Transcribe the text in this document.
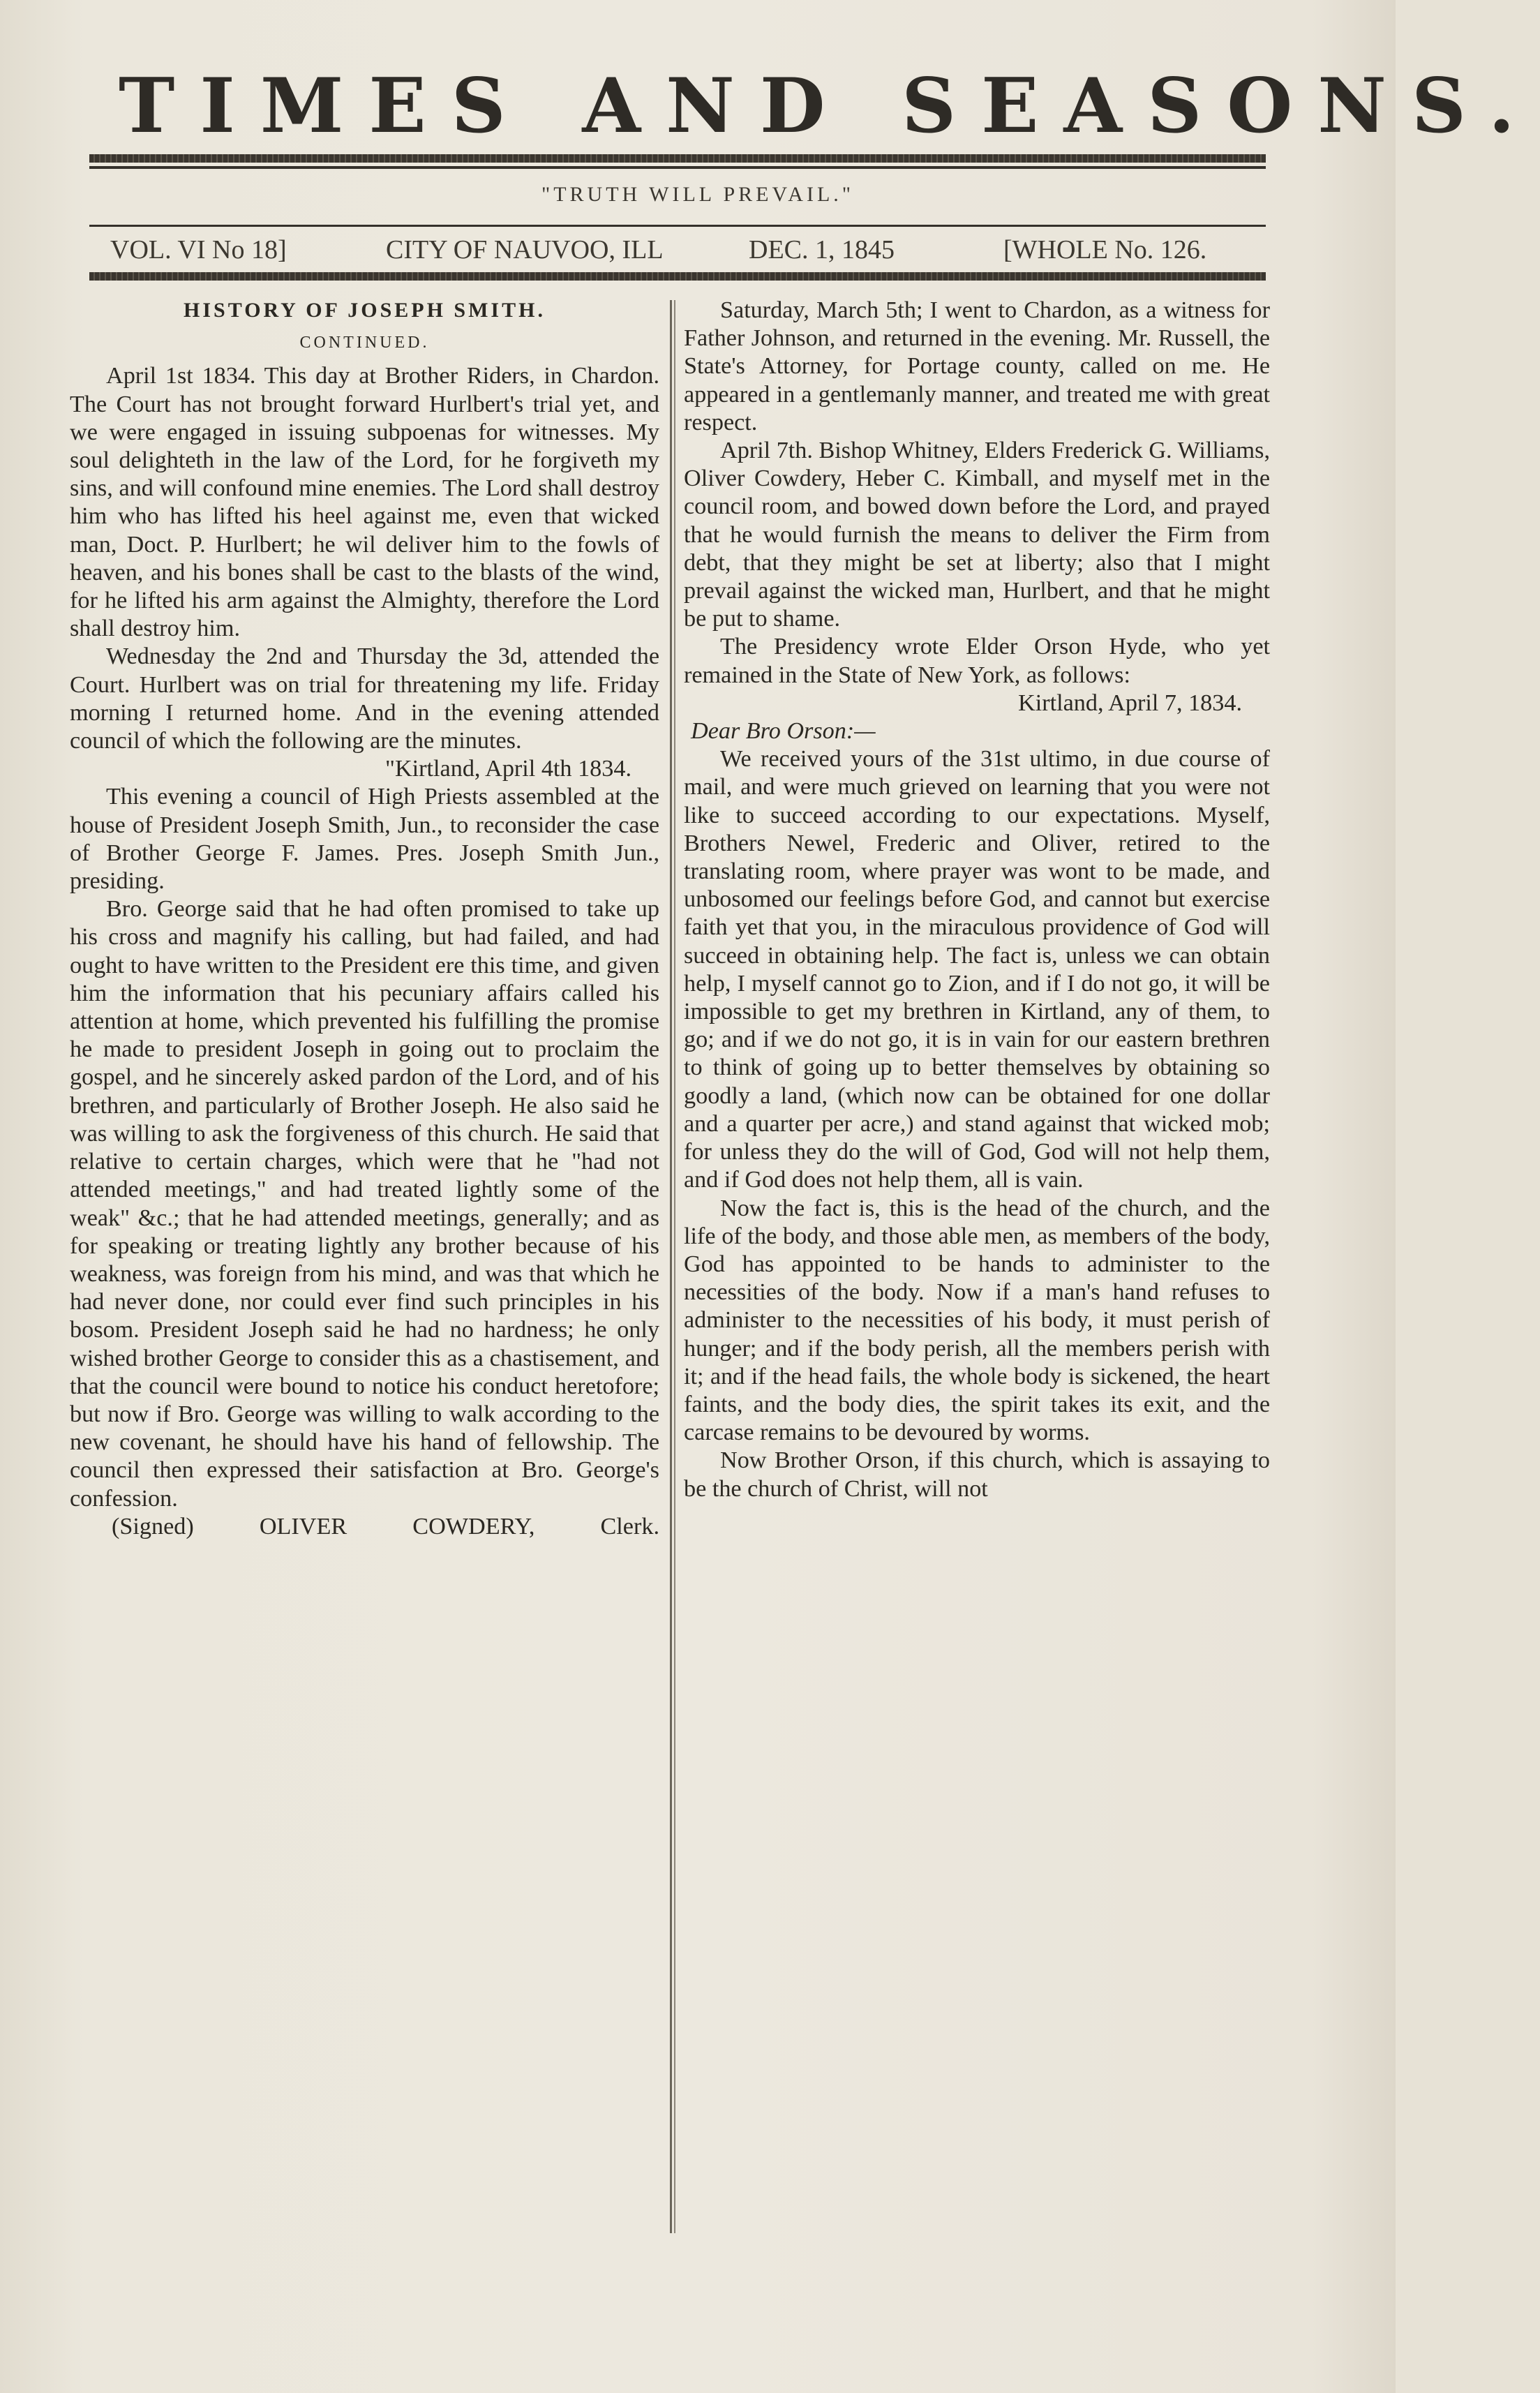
TIMES AND SEASONS.
"TRUTH WILL PREVAIL."
VOL. VI No 18]	CITY OF NAUVOO, ILL	DEC. 1, 1845	[WHOLE No. 126.

HISTORY OF JOSEPH SMITH.

CONTINUED.

April 1st 1834. This day at Brother Riders, in Chardon. The Court has not brought forward Hurlbert's trial yet, and we were engaged in issuing subpoenas for witnesses. My soul delighteth in the law of the Lord, for he forgiveth my sins, and will confound mine enemies. The Lord shall destroy him who has lifted his heel against me, even that wicked man, Doct. P. Hurlbert; he wil deliver him to the fowls of heaven, and his bones shall be cast to the blasts of the wind, for he lifted his arm against the Almighty, therefore the Lord shall destroy him.

Wednesday the 2nd and Thursday the 3d, attended the Court. Hurlbert was on trial for threatening my life. Friday morning I returned home. And in the evening attended council of which the following are the minutes.

"Kirtland, April 4th 1834.

This evening a council of High Priests assembled at the house of President Joseph Smith, Jun., to reconsider the case of Brother George F. James. Pres. Joseph Smith Jun., presiding.

Bro. George said that he had often promised to take up his cross and magnify his calling, but had failed, and had ought to have written to the President ere this time, and given him the information that his pecuniary affairs called his attention at home, which prevented his fulfilling the promise he made to president Joseph in going out to proclaim the gospel, and he sincerely asked pardon of the Lord, and of his brethren, and particularly of Brother Joseph. He also said he was willing to ask the forgiveness of this church. He said that relative to certain charges, which were that he "had not attended meetings," and had treated lightly some of the weak" &c.; that he had attended meetings, generally; and as for speaking or treating lightly any brother because of his weakness, was foreign from his mind, and was that which he had never done, nor could ever find such principles in his bosom. President Joseph said he had no hardness; he only wished brother George to consider this as a chastisement, and that the council were bound to notice his conduct heretofore; but now if Bro. George was willing to walk according to the new covenant, he should have his hand of fellowship. The council then expressed their satisfaction at Bro. George's confession.

(Signed) OLIVER COWDERY, Clerk.

Saturday, March 5th; I went to Chardon, as a witness for Father Johnson, and returned in the evening. Mr. Russell, the State's Attorney, for Portage county, called on me. He appeared in a gentlemanly manner, and treated me with great respect.

April 7th. Bishop Whitney, Elders Frederick G. Williams, Oliver Cowdery, Heber C. Kimball, and myself met in the council room, and bowed down before the Lord, and prayed that he would furnish the means to deliver the Firm from debt, that they might be set at liberty; also that I might prevail against the wicked man, Hurlbert, and that he might be put to shame.

The Presidency wrote Elder Orson Hyde, who yet remained in the State of New York, as follows:

Kirtland, April 7, 1834.

Dear Bro Orson:—

We received yours of the 31st ultimo, in due course of mail, and were much grieved on learning that you were not like to succeed according to our expectations. Myself, Brothers Newel, Frederic and Oliver, retired to the translating room, where prayer was wont to be made, and unbosomed our feelings before God, and cannot but exercise faith yet that you, in the miraculous providence of God will succeed in obtaining help. The fact is, unless we can obtain help, I myself cannot go to Zion, and if I do not go, it will be impossible to get my brethren in Kirtland, any of them, to go; and if we do not go, it is in vain for our eastern brethren to think of going up to better themselves by obtaining so goodly a land, (which now can be obtained for one dollar and a quarter per acre,) and stand against that wicked mob; for unless they do the will of God, God will not help them, and if God does not help them, all is vain.

Now the fact is, this is the head of the church, and the life of the body, and those able men, as members of the body, God has appointed to be hands to administer to the necessities of the body. Now if a man's hand refuses to administer to the necessities of his body, it must perish of hunger; and if the body perish, all the members perish with it; and if the head fails, the whole body is sickened, the heart faints, and the body dies, the spirit takes its exit, and the carcase remains to be devoured by worms.

Now Brother Orson, if this church, which is assaying to be the church of Christ, will not
